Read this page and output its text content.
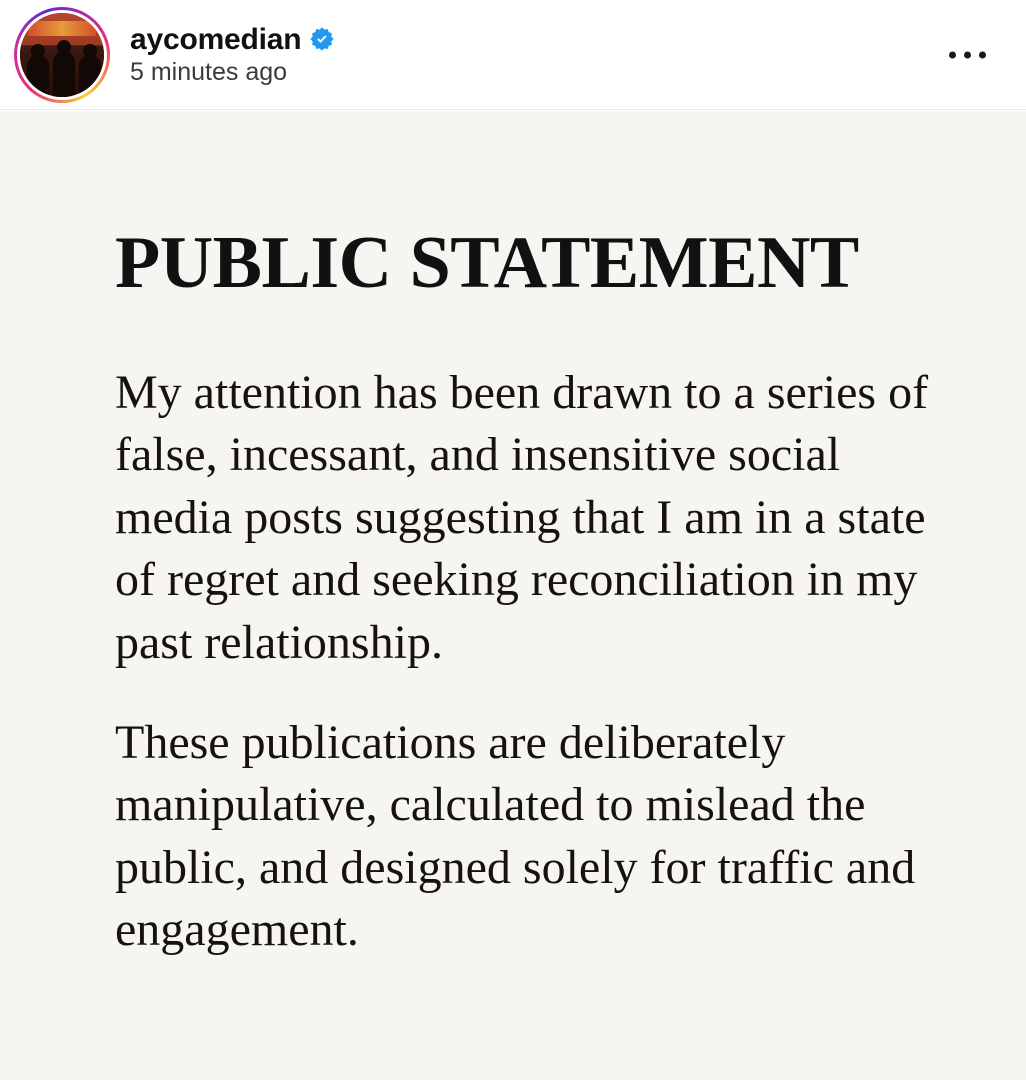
aycomedian
5 minutes ago
PUBLIC STATEMENT

My attention has been drawn to a series of false, incessant, and insensitive social media posts suggesting that I am in a state of regret and seeking reconciliation in my past relationship.

These publications are deliberately manipulative, calculated to mislead the public, and designed solely for traffic and engagement.
